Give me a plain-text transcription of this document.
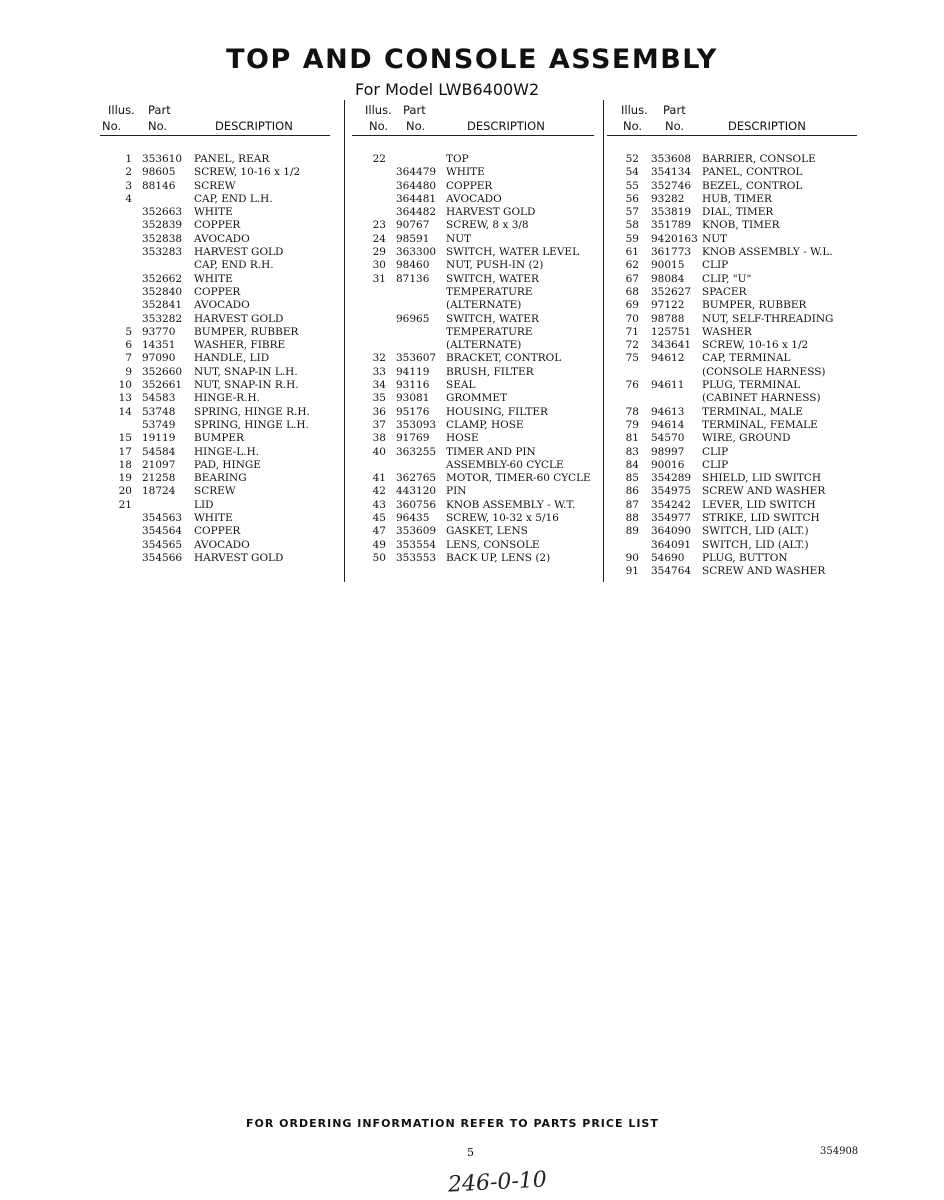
TOP AND CONSOLE ASSEMBLY
For Model LWB6400W2
Illus.
No.
Part
No.	DESCRIPTION
1 353610 PANEL, REAR
2 98605 SCREW, 10-16 x 1/2
3 88146 SCREW
4	CAP, END L.H.
352663 WHITE
352839 COPPER
352838 AVOCADO
353283 HARVEST GOLD
CAP, END R.H.
352662 WHITE
352840 COPPER
352841 AVOCADO
353282 HARVEST GOLD
5 93770 BUMPER, RUBBER
6 14351 WASHER, FIBRE
7 97090 HANDLE, LID
9 352660 NUT, SNAP-IN L.H.
10 352661 NUT, SNAP-IN R.H.
13 54583 HINGE-R.H.
14 53748 SPRING, HINGE R.H.
53749 SPRING, HINGE L.H.
15 19119 BUMPER
17 54584 HINGE-L.H.
18 21097 PAD, HINGE
19 21258 BEARING
20 18724 SCREW
21	LID
354563 WHITE
354564 COPPER
354565 AVOCADO
354566 HARVEST GOLD
Illus.
No.
Part
No.	DESCRIPTION
22	TOP
364479 WHITE
364480 COPPER
364481 AVOCADO
364482 HARVEST GOLD
23 90767 SCREW, 8 x 3/8
24 98591 NUT
29 363300 SWITCH, WATER LEVEL
30 98460 NUT, PUSH-IN (2)
31 87136 SWITCH, WATER
TEMPERATURE
(ALTERNATE)
96965 SWITCH, WATER
TEMPERATURE
(ALTERNATE)
32 353607 BRACKET, CONTROL
33 94119 BRUSH, FILTER
34 93116 SEAL
35 93081 GROMMET
36 95176 HOUSING, FILTER
37 353093 CLAMP, HOSE
38 91769 HOSE
40 363255 TIMER AND PIN
ASSEMBLY-60 CYCLE
41 362765 MOTOR, TIMER-60 CYCLE
42 443120 PIN
43 360756 KNOB ASSEMBLY - W.T.
45 96435 SCREW, 10-32 x 5/16
47 353609 GASKET, LENS
49 353554 LENS, CONSOLE
50 353553 BACK UP, LENS (2)
Illus.
No.
Part
No.	DESCRIPTION
52 353608 BARRIER, CONSOLE
54 354134 PANEL, CONTROL
55 352746 BEZEL, CONTROL
56 93282 HUB, TIMER
57 353819 DIAL, TIMER
58 351789 KNOB, TIMER
59 9420163 NUT
61 361773 KNOB ASSEMBLY - W.L.
62 90015 CLIP
67 98084 CLIP, "U"
68 352627 SPACER
69 97122 BUMPER, RUBBER
70 98788 NUT, SELF-THREADING
71 125751 WASHER
72 343641 SCREW, 10-16 x 1/2
75 94612 CAP, TERMINAL
(CONSOLE HARNESS)
76 94611 PLUG, TERMINAL
(CABINET HARNESS)
78 94613 TERMINAL, MALE
79 94614 TERMINAL, FEMALE
81 54570 WIRE, GROUND
83 98997 CLIP
84 90016 CLIP
85 354289 SHIELD, LID SWITCH
86 354975 SCREW AND WASHER
87 354242 LEVER, LID SWITCH
88 354977 STRIKE, LID SWITCH
89 364090 SWITCH, LID (ALT.)
364091 SWITCH, LID (ALT.)
90 54690 PLUG, BUTTON
91 354764 SCREW AND WASHER
FOR ORDERING INFORMATION REFER TO PARTS PRICE LIST
5	354908
246-0-10
